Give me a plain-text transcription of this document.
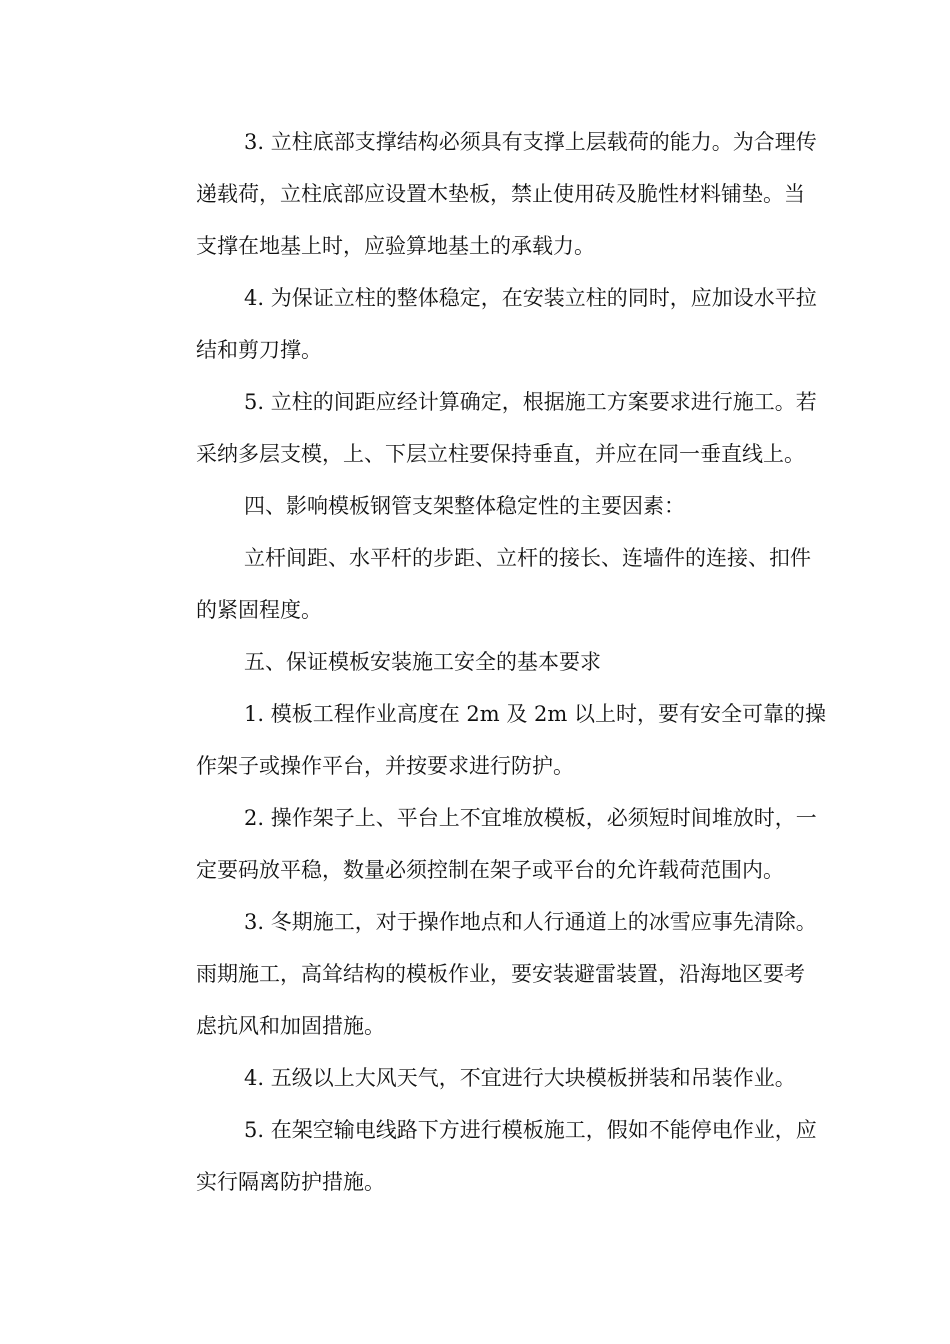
3. 立柱底部支撑结构必须具有支撑上层载荷的能力。为合理传
递载荷，立柱底部应设置木垫板，禁止使用砖及脆性材料铺垫。当
支撑在地基上时，应验算地基土的承载力。
4. 为保证立柱的整体稳定，在安装立柱的同时，应加设水平拉
结和剪刀撑。
5. 立柱的间距应经计算确定，根据施工方案要求进行施工。若
采纳多层支模，上、下层立柱要保持垂直，并应在同一垂直线上。
四、影响模板钢管支架整体稳定性的主要因素：
立杆间距、水平杆的步距、立杆的接长、连墙件的连接、扣件
的紧固程度。
五、保证模板安装施工安全的基本要求
1. 模板工程作业高度在 2m 及 2m 以上时，要有安全可靠的操
作架子或操作平台，并按要求进行防护。
2. 操作架子上、平台上不宜堆放模板，必须短时间堆放时，一
定要码放平稳，数量必须控制在架子或平台的允许载荷范围内。
3. 冬期施工，对于操作地点和人行通道上的冰雪应事先清除。
雨期施工，高耸结构的模板作业，要安装避雷装置，沿海地区要考
虑抗风和加固措施。
4. 五级以上大风天气，不宜进行大块模板拼装和吊装作业。
5. 在架空输电线路下方进行模板施工，假如不能停电作业，应
实行隔离防护措施。
